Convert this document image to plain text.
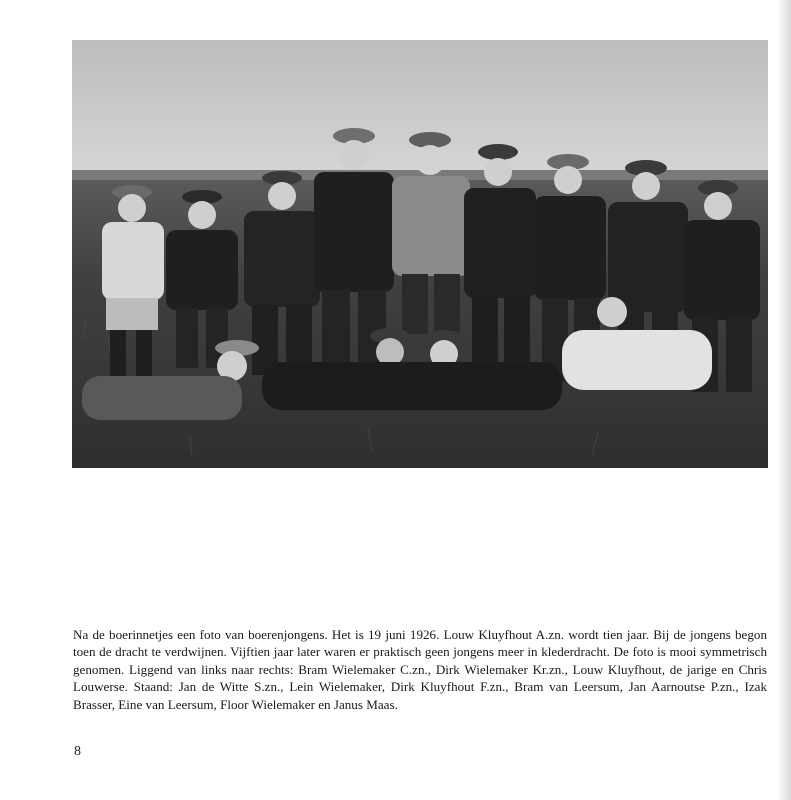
Na de boerinnetjes een foto van boerenjongens. Het is 19 juni 1926. Louw Kluyfhout A.zn. wordt tien jaar. Bij de jongens begon toen de dracht te verdwijnen. Vijftien jaar later waren er praktisch geen jongens meer in klederdracht. De foto is mooi symmetrisch genomen. Liggend van links naar rechts: Bram Wielemaker C.zn., Dirk Wielemaker Kr.zn., Louw Kluyfhout, de jarige en Chris Louwerse. Staand: Jan de Witte S.zn., Lein Wielemaker, Dirk Kluyfhout F.zn., Bram van Leersum, Jan Aarnoutse P.zn., Izak Brasser, Eine van Leersum, Floor Wielemaker en Janus Maas.

8
